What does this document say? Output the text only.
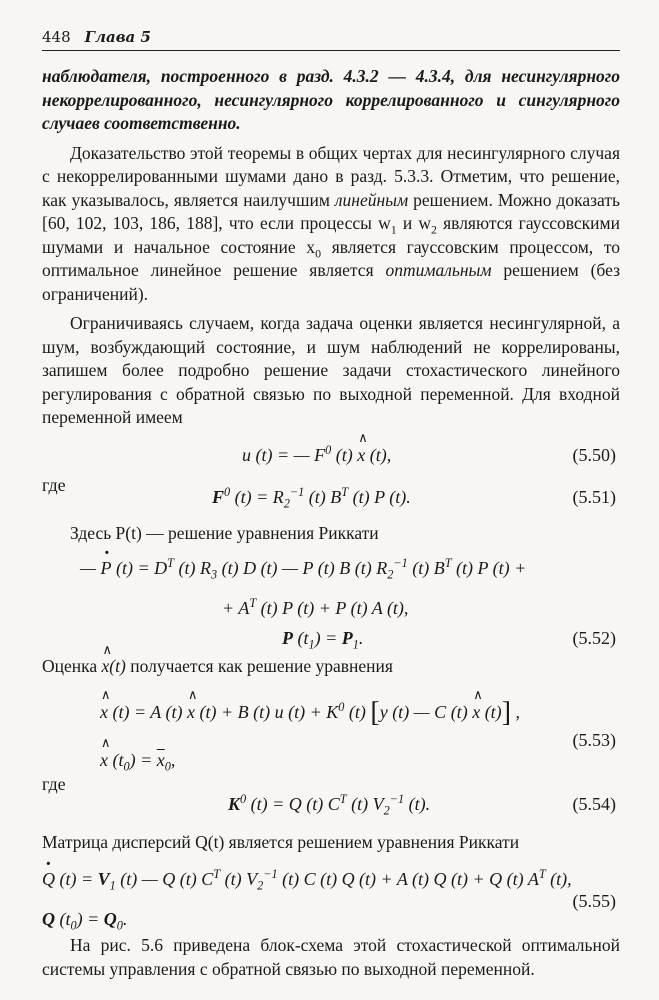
448 Глава 5

наблюдателя, построенного в разд. 4.3.2 — 4.3.4, для несингулярного некоррелированного, несингулярного коррелированного и сингулярного случаев соответственно.

Доказательство этой теоремы в общих чертах для несингулярного случая с некоррелированными шумами дано в разд. 5.3.3. Отметим, что решение, как указывалось, является наилучшим линейным решением. Можно доказать [60, 102, 103, 186, 188], что если процессы $w_1$ и $w_2$ являются гауссовскими шумами и начальное состояние $x_0$ является гауссовским процессом, то оптимальное линейное решение является оптимальным решением (без ограничений).

Ограничиваясь случаем, когда задача оценки является несингулярной, а шум, возбуждающий состояние, и шум наблюдений не коррелированы, запишем более подробно решение задачи стохастического линейного регулирования с обратной связью по выходной переменной. Для входной переменной имеем

u (t) = — $F^0$ (t) ∧ x (t),	(5.50)
где
$F^0$ $(t) = R_2^{-1}$ (t) $B^T$ (t) P (t).	(5.51)

Здесь P(t) — решение уравнения Риккати

— · P $(t) = D^T$ (t) $R_3$ (t) D (t) — P (t) B (t) $R_2^{-1}$ (t) $B^T$ (t) P (t) +
+ $A^T$ (t) P (t) + P (t) A (t),
P $(t_1) = P_1$.	(5.52)

Оценка ∧ x(t) получается как решение уравнения

∧ x (t) = A (t) ∧ x (t) + B (t) u $(t) + K^0$ (t) [y (t) — C (t) ∧ x (t)] ,
∧ x $(t_0) = \overline{x}_0$,
(5.53)
где
$K^0$ (t) = Q (t) $C^T$ (t) $V_2^{-1}$ (t).	(5.54)

Матрица дисперсий Q(t) является решением уравнения Риккати

· Q $(t) = V_1$ (t) — Q (t) $C^T$ (t) $V_2^{-1}$ (t) C (t) Q (t) + A (t) Q (t) + Q (t) $A^T$ (t),
Q $(t_0) = Q_0$.
(5.55)

На рис. 5.6 приведена блок-схема этой стохастической оптимальной системы управления с обратной связью по выходной переменной.
